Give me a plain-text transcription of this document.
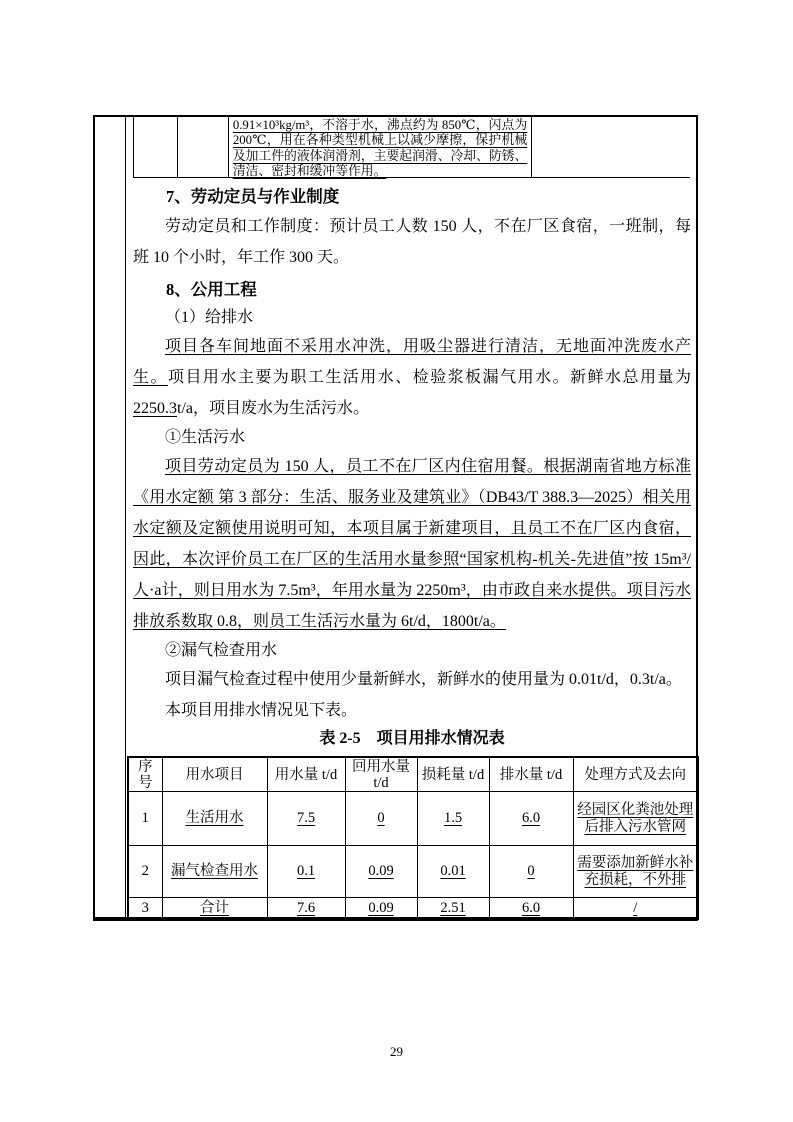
0.91×10³kg/m³，不溶于水，沸点约为 850℃，闪点为 200℃，用在各种类型机械上以减少摩擦，保护机械及加工件的液体润滑剂，主要起润滑、冷却、防锈、清洁、密封和缓冲等作用。

7、劳动定员与作业制度

劳动定员和工作制度：预计员工人数 150 人，不在厂区食宿，一班制，每班 10 个小时，年工作 300 天。

8、公用工程

（1）给排水

项目各车间地面不采用水冲洗，用吸尘器进行清洁，无地面冲洗废水产生。项目用水主要为职工生活用水、检验浆板漏气用水。新鲜水总用量为 2250.3t/a，项目废水为生活污水。

①生活污水

项目劳动定员为 150 人，员工不在厂区内住宿用餐。根据湖南省地方标准《用水定额 第 3 部分：生活、服务业及建筑业》（DB43/T 388.3—2025）相关用水定额及定额使用说明可知，本项目属于新建项目，且员工不在厂区内食宿，因此，本次评价员工在厂区的生活用水量参照“国家机构-机关-先进值”按 15m³/人·a计，则日用水为 7.5m³，年用水量为 2250m³，由市政自来水提供。项目污水排放系数取 0.8，则员工生活污水量为 6t/d，1800t/a。

②漏气检查用水

项目漏气检查过程中使用少量新鲜水，新鲜水的使用量为 0.01t/d，0.3t/a。

本项目用排水情况见下表。

表 2-5　项目用排水情况表

序号	用水项目	用水量 t/d	回用水量 t/d	损耗量 t/d	排水量 t/d	处理方式及去向
1	生活用水	7.5	0	1.5	6.0	经园区化粪池处理后排入污水管网
2	漏气检查用水	0.1	0.09	0.01	0	需要添加新鲜水补充损耗，不外排
3	合计	7.6	0.09	2.51	6.0	/
29
